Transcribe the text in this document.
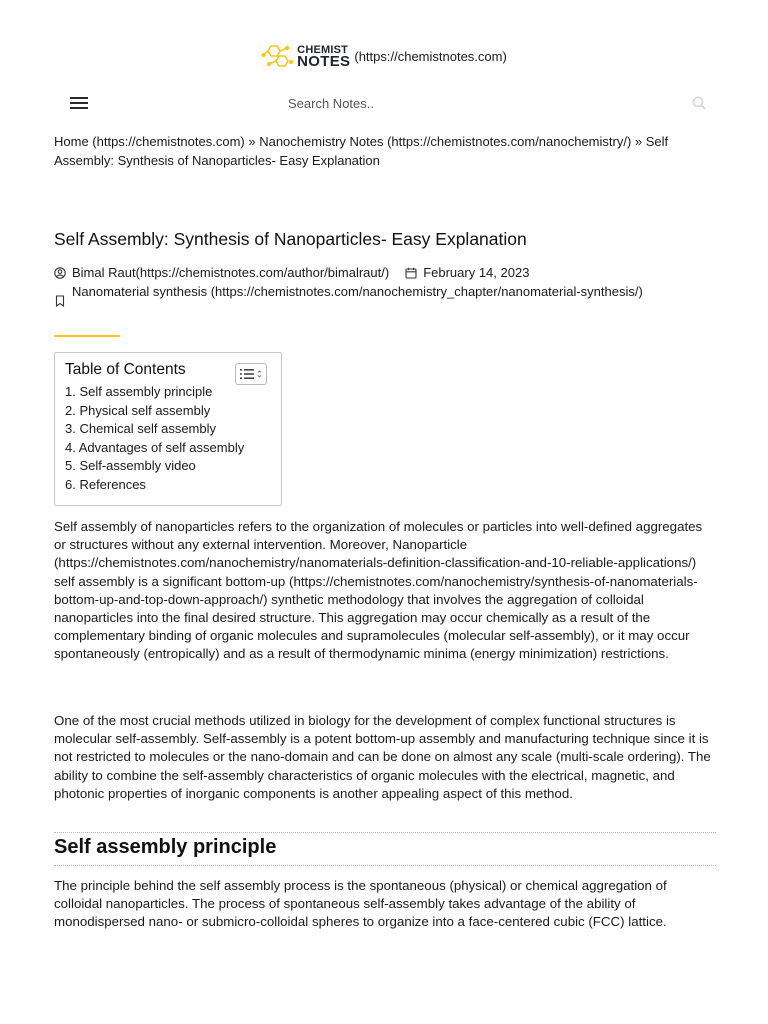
CHEMIST
NOTES (https://chemistnotes.com)
Search Notes..
Home (https://chemistnotes.com) » Nanochemistry Notes (https://chemistnotes.com/nanochemistry/) » Self Assembly: Synthesis of Nanoparticles- Easy Explanation
Self Assembly: Synthesis of Nanoparticles- Easy Explanation
Bimal Raut(https://chemistnotes.com/author/bimalraut/)	February 14, 2023
Nanomaterial synthesis (https://chemistnotes.com/nanochemistry_chapter/nanomaterial-synthesis/)
Table of Contents
1. Self assembly principle
2. Physical self assembly
3. Chemical self assembly
4. Advantages of self assembly
5. Self-assembly video
6. References

Self assembly of nanoparticles refers to the organization of molecules or particles into well-defined aggregates or structures without any external intervention. Moreover, Nanoparticle (https://chemistnotes.com/nanochemistry/nanomaterials-definition-classification-and-10-reliable-applications/) self assembly is a significant bottom-up (https://chemistnotes.com/nanochemistry/synthesis-of-nanomaterials-bottom-up-and-top-down-approach/) synthetic methodology that involves the aggregation of colloidal nanoparticles into the final desired structure. This aggregation may occur chemically as a result of the complementary binding of organic molecules and supramolecules (molecular self-assembly), or it may occur spontaneously (entropically) and as a result of thermodynamic minima (energy minimization) restrictions.

One of the most crucial methods utilized in biology for the development of complex functional structures is molecular self-assembly. Self-assembly is a potent bottom-up assembly and manufacturing technique since it is not restricted to molecules or the nano-domain and can be done on almost any scale (multi-scale ordering). The ability to combine the self-assembly characteristics of organic molecules with the electrical, magnetic, and photonic properties of inorganic components is another appealing aspect of this method.

Self assembly principle

The principle behind the self assembly process is the spontaneous (physical) or chemical aggregation of colloidal nanoparticles. The process of spontaneous self-assembly takes advantage of the ability of monodispersed nano- or submicro-colloidal spheres to organize into a face-centered cubic (FCC) lattice.
